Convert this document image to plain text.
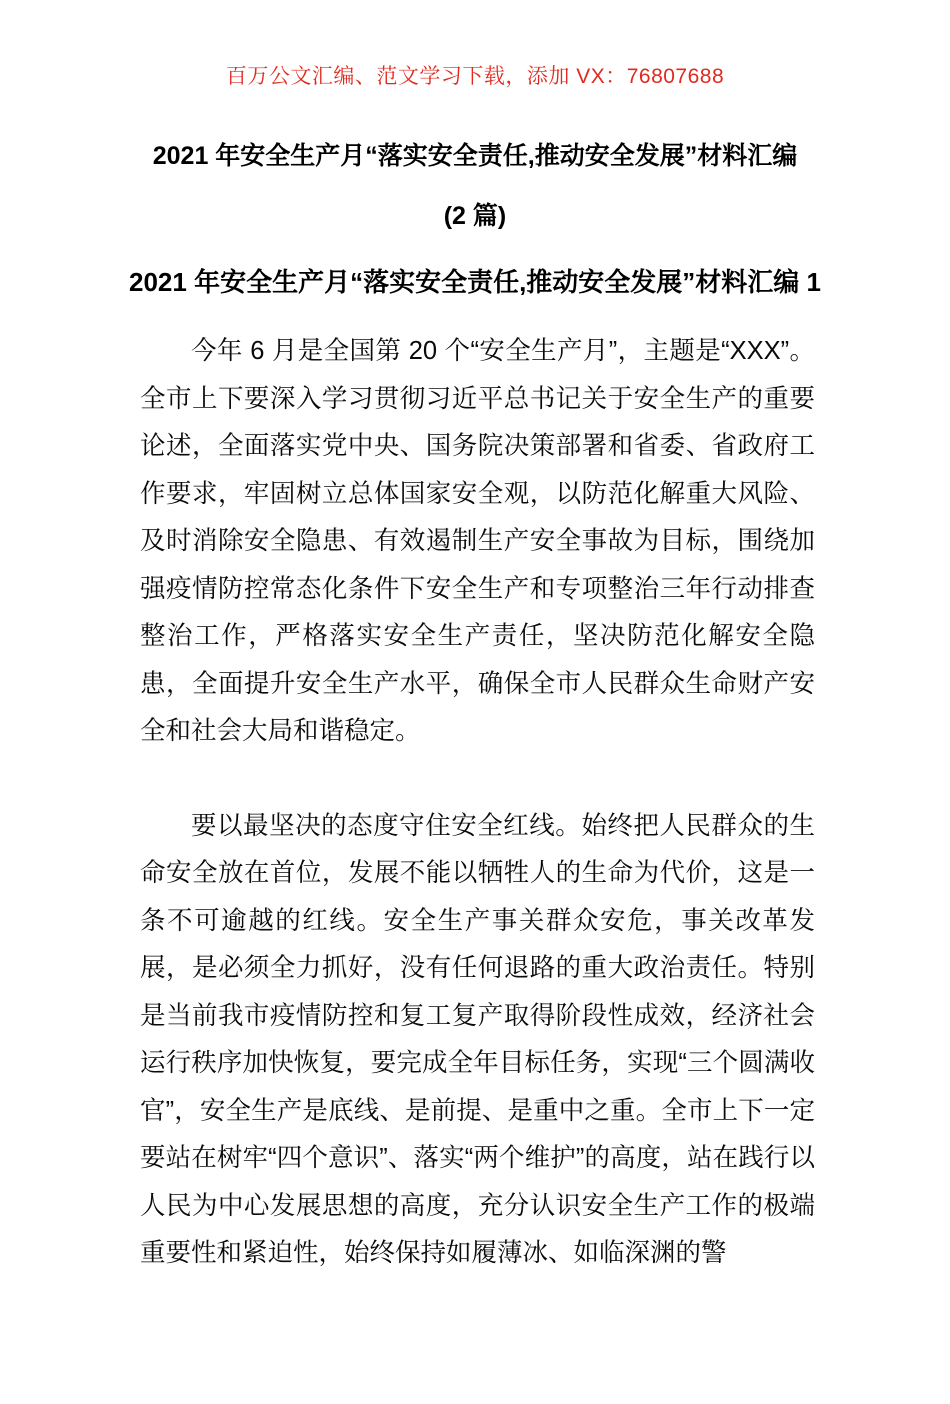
百万公文汇编、范文学习下载，添加 VX：76807688
2021 年安全生产月“落实安全责任,推动安全发展”材料汇编
(2 篇)
2021 年安全生产月“落实安全责任,推动安全发展”材料汇编 1

今年 6 月是全国第 20 个“安全生产月”，主题是“XXX”。全市上下要深入学习贯彻习近平总书记关于安全生产的重要论述，全面落实党中央、国务院决策部署和省委、省政府工作要求，牢固树立总体国家安全观，以防范化解重大风险、及时消除安全隐患、有效遏制生产安全事故为目标，围绕加强疫情防控常态化条件下安全生产和专项整治三年行动排查整治工作，严格落实安全生产责任，坚决防范化解安全隐患，全面提升安全生产水平，确保全市人民群众生命财产安全和社会大局和谐稳定。

要以最坚决的态度守住安全红线。始终把人民群众的生命安全放在首位，发展不能以牺牲人的生命为代价，这是一条不可逾越的红线。安全生产事关群众安危，事关改革发展，是必须全力抓好，没有任何退路的重大政治责任。特别是当前我市疫情防控和复工复产取得阶段性成效，经济社会运行秩序加快恢复，要完成全年目标任务，实现“三个圆满收官”，安全生产是底线、是前提、是重中之重。全市上下一定要站在树牢“四个意识”、落实“两个维护”的高度，站在践行以人民为中心发展思想的高度，充分认识安全生产工作的极端重要性和紧迫性，始终保持如履薄冰、如临深渊的警
